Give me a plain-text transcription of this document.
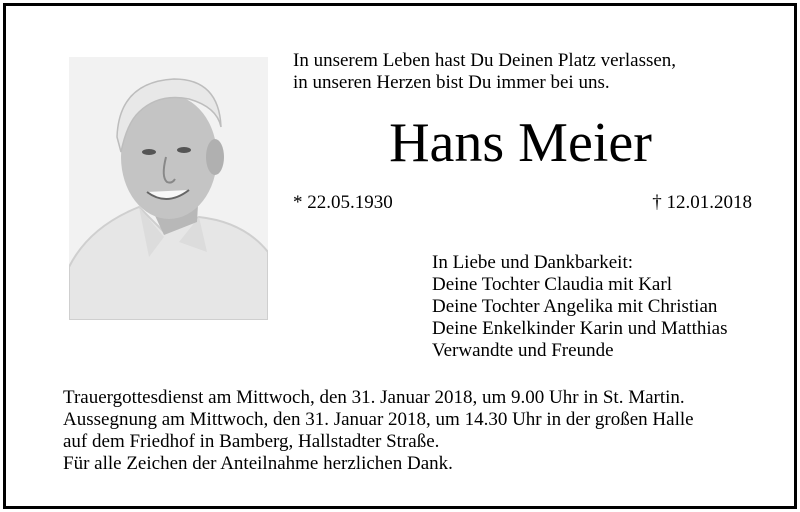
In unserem Leben hast Du Deinen Platz verlassen,
in unseren Herzen bist Du immer bei uns.
Hans Meier
* 22.05.1930	† 12.01.2018
In Liebe und Dankbarkeit:
Deine Tochter Claudia mit Karl
Deine Tochter Angelika mit Christian
Deine Enkelkinder Karin und Matthias
Verwandte und Freunde
Trauergottesdienst am Mittwoch, den 31. Januar 2018, um 9.00 Uhr in St. Martin.
Aussegnung am Mittwoch, den 31. Januar 2018, um 14.30 Uhr in der großen Halle
auf dem Friedhof in Bamberg, Hallstadter Straße.
Für alle Zeichen der Anteilnahme herzlichen Dank.
